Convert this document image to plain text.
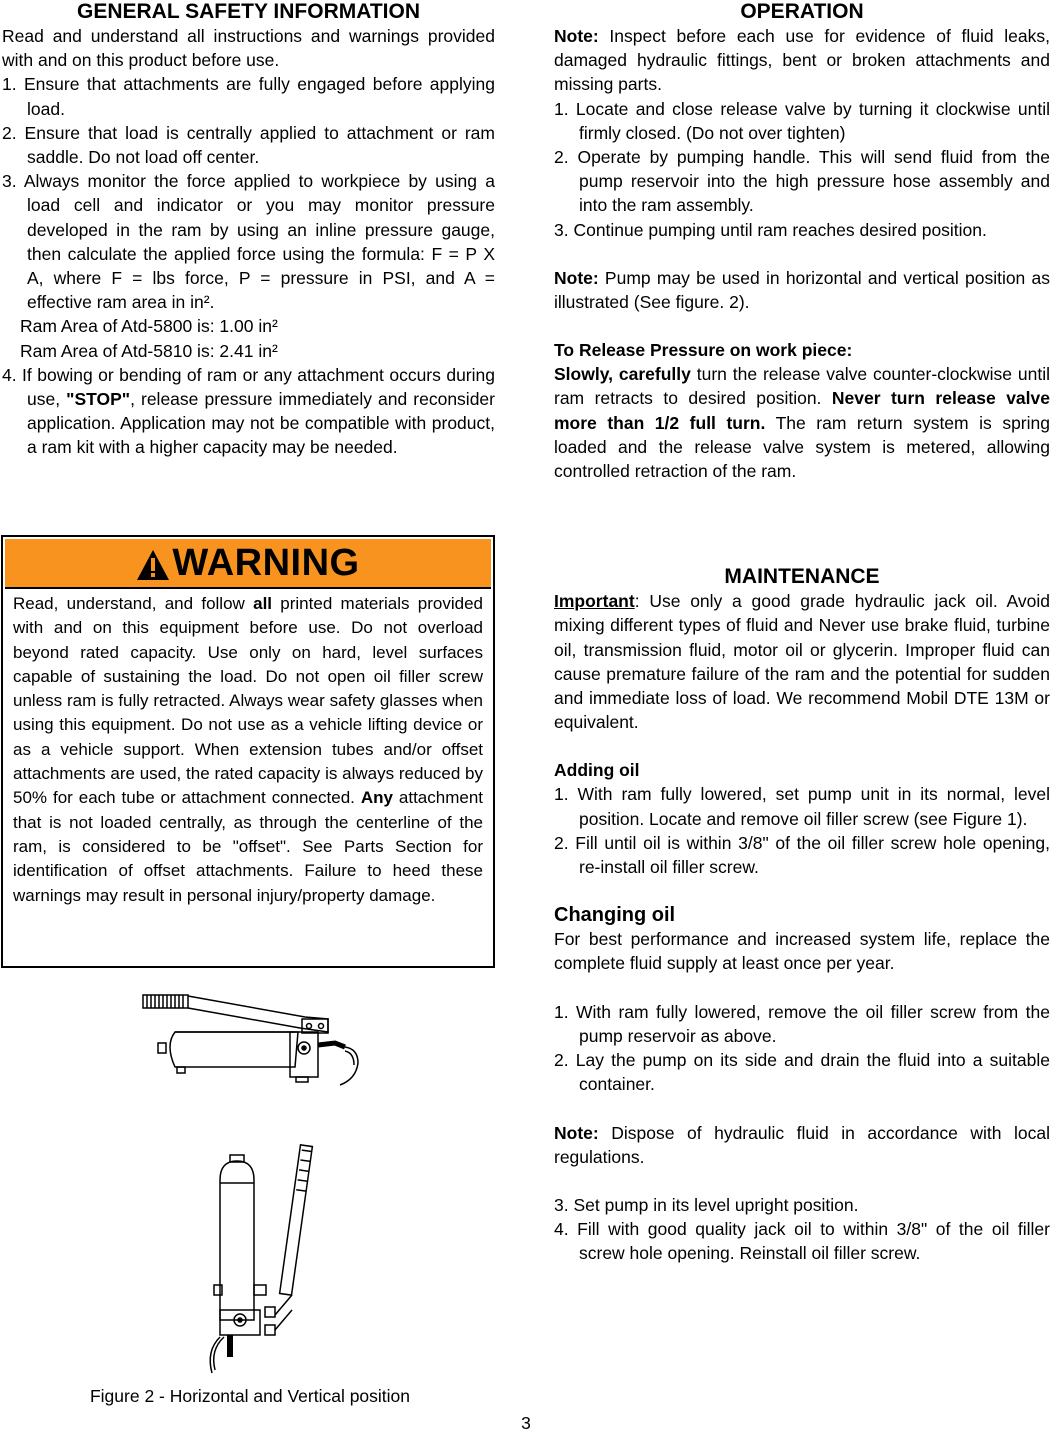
GENERAL SAFETY INFORMATION

Read and understand all instructions and warnings provided with and on this product before use.

1. Ensure that attachments are fully engaged before applying load.
2. Ensure that load is centrally applied to attachment or ram saddle. Do not load off center.
3. Always monitor the force applied to workpiece by using a load cell and indicator or you may monitor pressure developed in the ram by using an inline pressure gauge, then calculate the applied force using the formula: F = P X A, where F = lbs force, P = pressure in PSI, and A = effective ram area in in².
Ram Area of Atd-5800 is: 1.00 in²
Ram Area of Atd-5810 is: 2.41 in²
4. If bowing or bending of ram or any attachment occurs during use, "STOP", release pressure immediately and reconsider application. Application may not be compatible with product, a ram kit with a higher capacity may be needed.
WARNING
Read, understand, and follow all printed materials provided with and on this equipment before use. Do not overload beyond rated capacity. Use only on hard, level surfaces capable of sustaining the load. Do not open oil filler screw unless ram is fully retracted. Always wear safety glasses when using this equipment. Do not use as a vehicle lifting device or as a vehicle support. When extension tubes and/or offset attachments are used, the rated capacity is always reduced by 50% for each tube or attachment connected. Any attachment that is not loaded centrally, as through the centerline of the ram, is considered to be "offset". See Parts Section for identification of offset attachments. Failure to heed these warnings may result in personal injury/property damage.
Figure 2 - Horizontal and Vertical position
OPERATION

Note: Inspect before each use for evidence of fluid leaks, damaged hydraulic fittings, bent or broken attachments and missing parts.

1. Locate and close release valve by turning it clockwise until firmly closed. (Do not over tighten)
2. Operate by pumping handle. This will send fluid from the pump reservoir into the high pressure hose assembly and into the ram assembly.
3. Continue pumping until ram reaches desired position.

Note: Pump may be used in horizontal and vertical position as illustrated (See figure. 2).

To Release Pressure on work piece:

Slowly, carefully turn the release valve counter-clockwise until ram retracts to desired position. Never turn release valve more than 1/2 full turn. The ram return system is spring loaded and the release valve system is metered, allowing controlled retraction of the ram.

MAINTENANCE

Important: Use only a good grade hydraulic jack oil. Avoid mixing different types of fluid and Never use brake fluid, turbine oil, transmission fluid, motor oil or glycerin. Improper fluid can cause premature failure of the ram and the potential for sudden and immediate loss of load. We recommend Mobil DTE 13M or equivalent.

Adding oil
1. With ram fully lowered, set pump unit in its normal, level position. Locate and remove oil filler screw (see Figure 1).
2. Fill until oil is within 3/8" of the oil filler screw hole opening, re-install oil filler screw.
Changing oil

For best performance and increased system life, replace the complete fluid supply at least once per year.

1. With ram fully lowered, remove the oil filler screw from the pump reservoir as above.
2. Lay the pump on its side and drain the fluid into a suitable container.

Note: Dispose of hydraulic fluid in accordance with local regulations.

3. Set pump in its level upright position.
4. Fill with good quality jack oil to within 3/8" of the oil filler screw hole opening. Reinstall oil filler screw.
3
